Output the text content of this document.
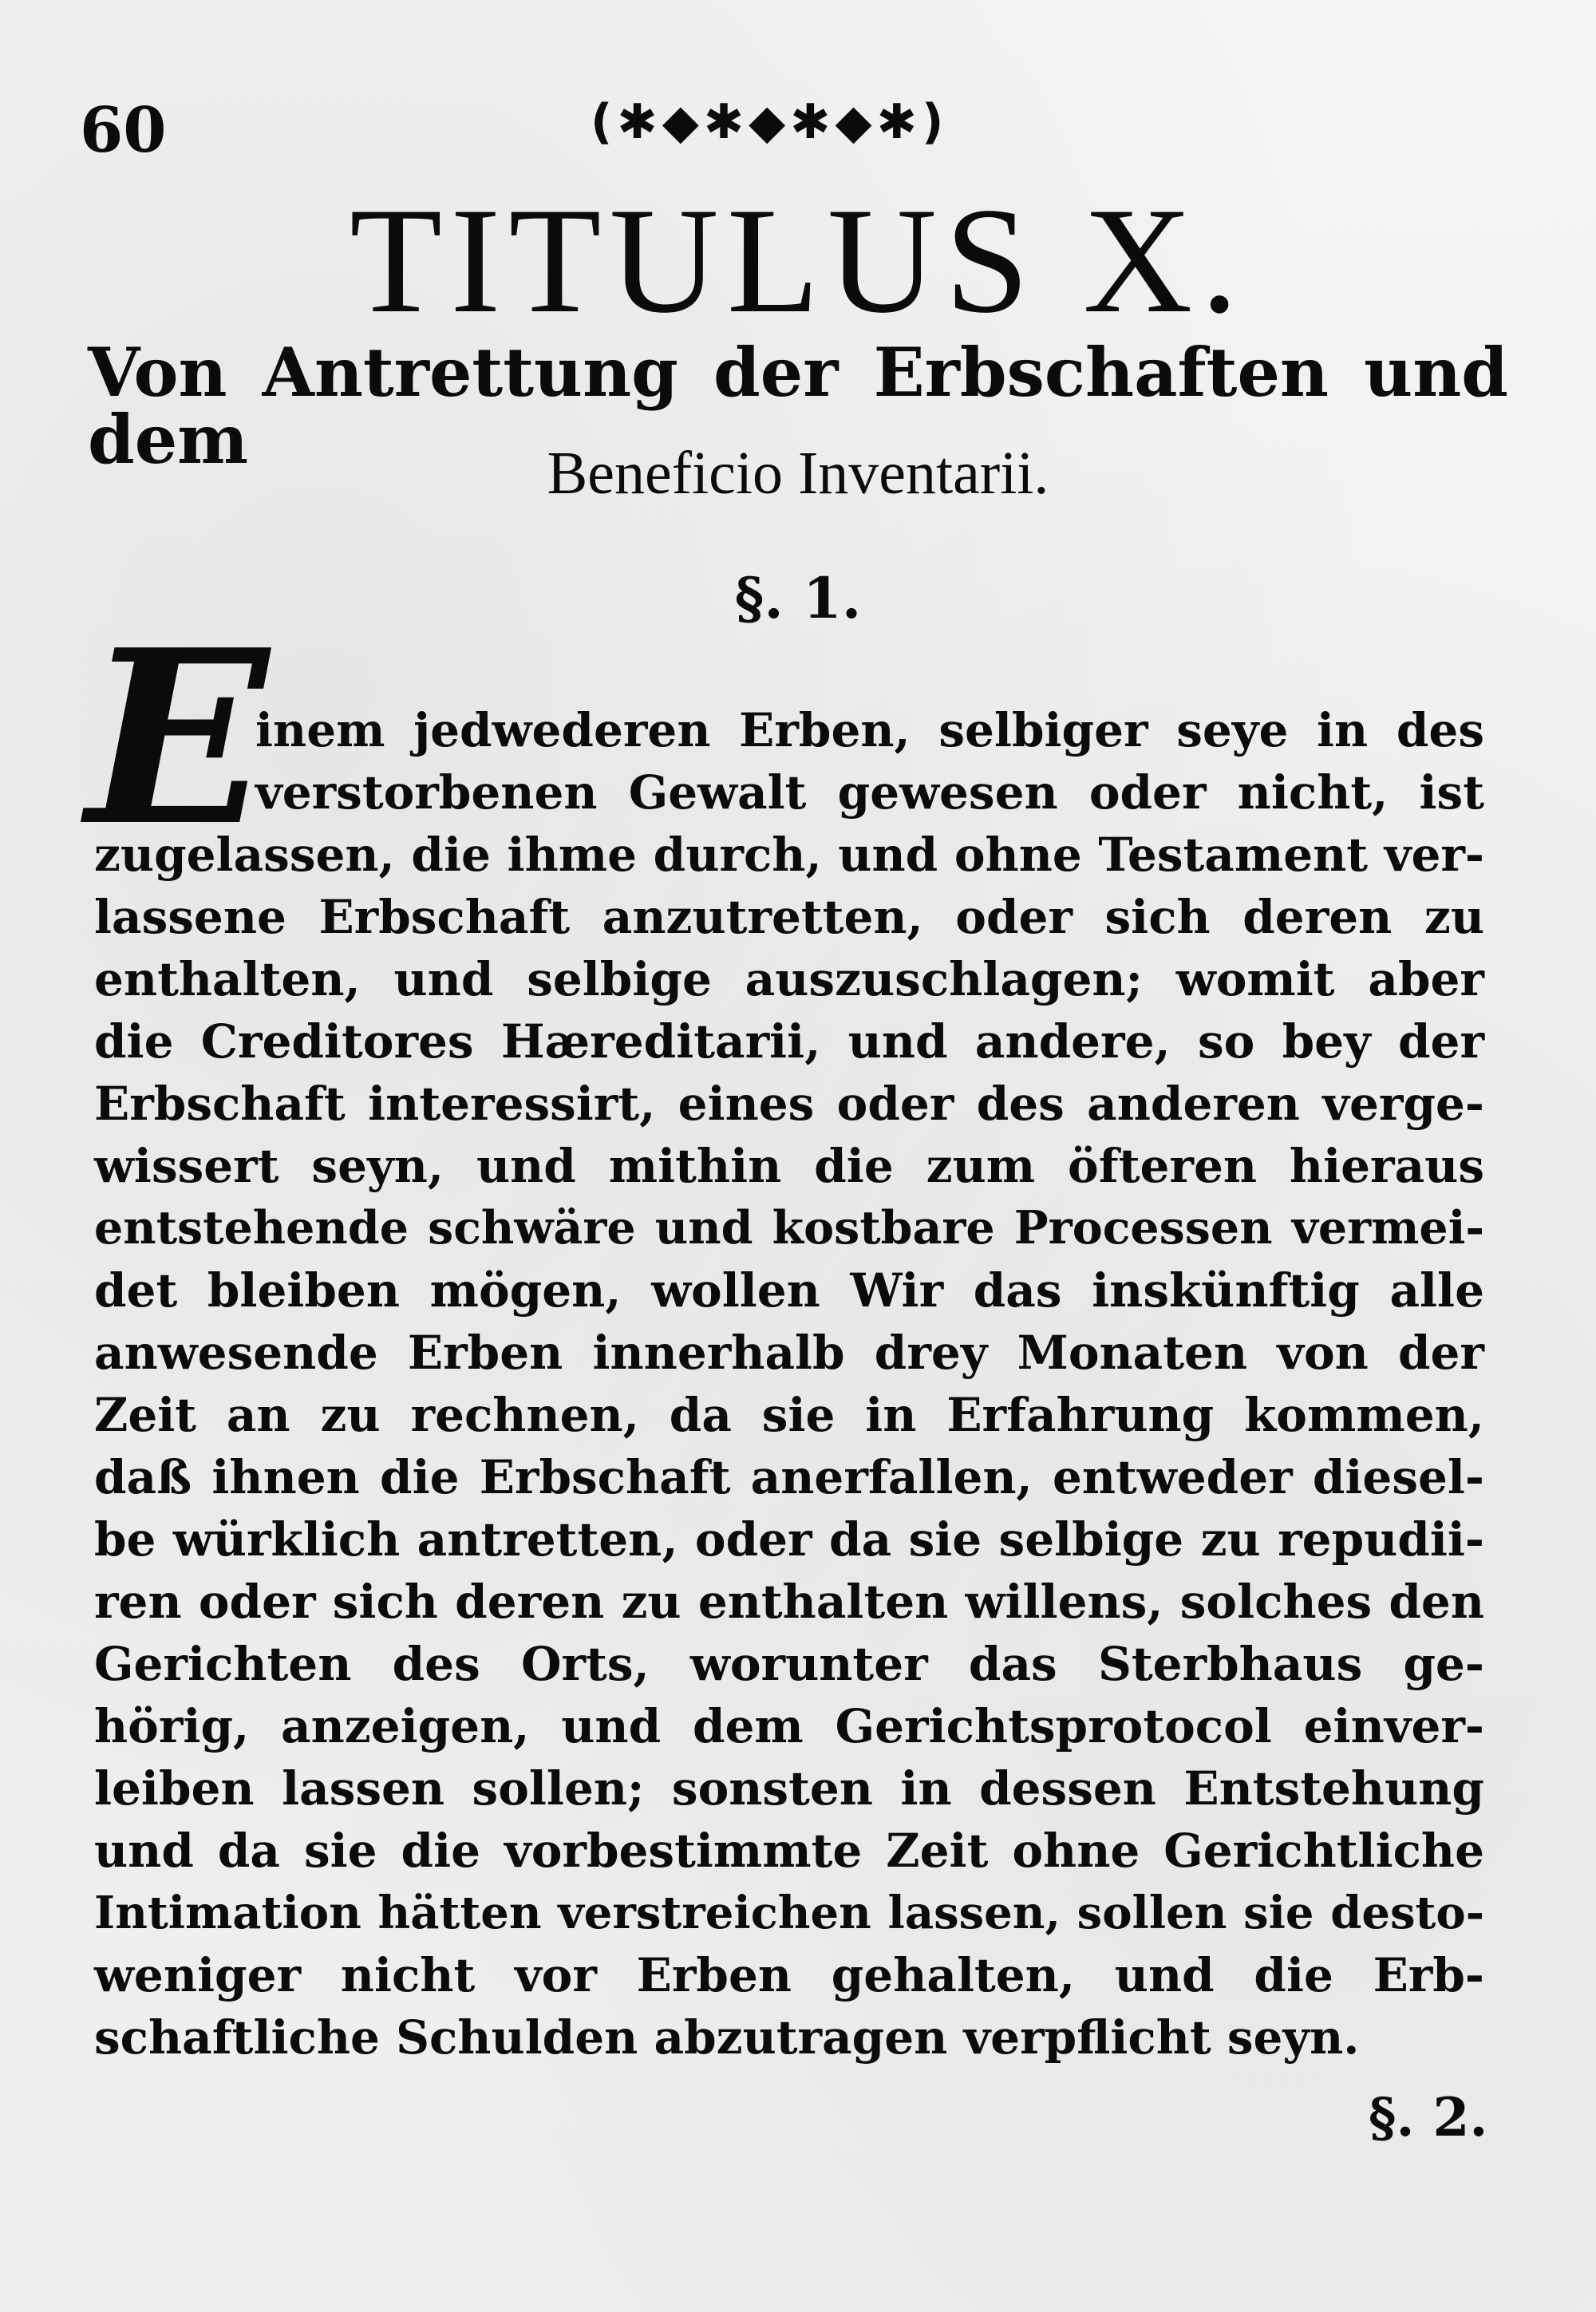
60	(✱◆✱◆✱◆✱)
TITULUS X.
Von Antrettung der Erbschaften und dem	Beneficio Inventarii.
§. 1.
E
inem jedwederen Erben, selbiger seye in des
verstorbenen Gewalt gewesen oder nicht, ist
zugelassen, die ihme durch, und ohne Testament ver-
lassene Erbschaft anzutretten, oder sich deren zu
enthalten, und selbige auszuschlagen; womit aber
die Creditores Hæreditarii, und andere, so bey der
Erbschaft interessirt, eines oder des anderen verge-
wissert seyn, und mithin die zum öfteren hieraus
entstehende schwäre und kostbare Processen vermei-
det bleiben mögen, wollen Wir das inskünftig alle
anwesende Erben innerhalb drey Monaten von der
Zeit an zu rechnen, da sie in Erfahrung kommen,
daß ihnen die Erbschaft anerfallen, entweder diesel-
be würklich antretten, oder da sie selbige zu repudii-
ren oder sich deren zu enthalten willens, solches den
Gerichten des Orts, worunter das Sterbhaus ge-
hörig, anzeigen, und dem Gerichtsprotocol einver-
leiben lassen sollen; sonsten in dessen Entstehung
und da sie die vorbestimmte Zeit ohne Gerichtliche
Intimation hätten verstreichen lassen, sollen sie desto-
weniger nicht vor Erben gehalten, und die Erb-
schaftliche Schulden abzutragen verpflicht seyn.
§. 2.
